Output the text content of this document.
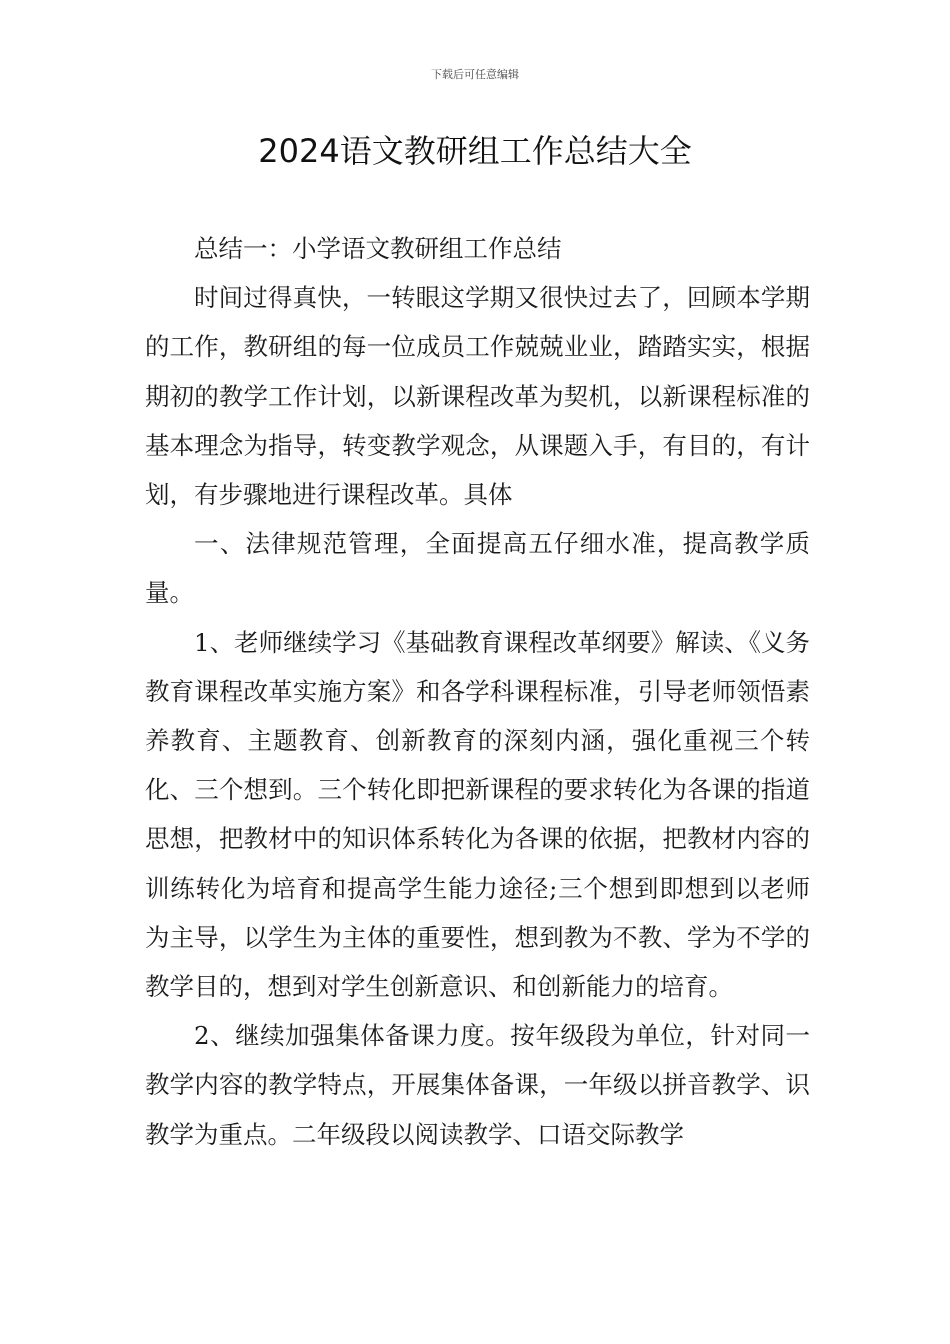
下载后可任意编辑
2024语文教研组工作总结大全

总结一：小学语文教研组工作总结

时间过得真快，一转眼这学期又很快过去了，回顾本学期的工作，教研组的每一位成员工作兢兢业业，踏踏实实，根据期初的教学工作计划，以新课程改革为契机，以新课程标准的基本理念为指导，转变教学观念，从课题入手，有目的，有计划，有步骤地进行课程改革。具体

一、法律规范管理，全面提高五仔细水准，提高教学质量。

1、老师继续学习《基础教育课程改革纲要》解读、《义务教育课程改革实施方案》和各学科课程标准，引导老师领悟素养教育、主题教育、创新教育的深刻内涵，强化重视三个转化、三个想到。三个转化即把新课程的要求转化为各课的指道思想，把教材中的知识体系转化为各课的依据，把教材内容的训练转化为培育和提高学生能力途径;三个想到即想到以老师为主导，以学生为主体的重要性，想到教为不教、学为不学的教学目的，想到对学生创新意识、和创新能力的培育。

2、继续加强集体备课力度。按年级段为单位，针对同一教学内容的教学特点，开展集体备课，一年级以拼音教学、识教学为重点。二年级段以阅读教学、口语交际教学
